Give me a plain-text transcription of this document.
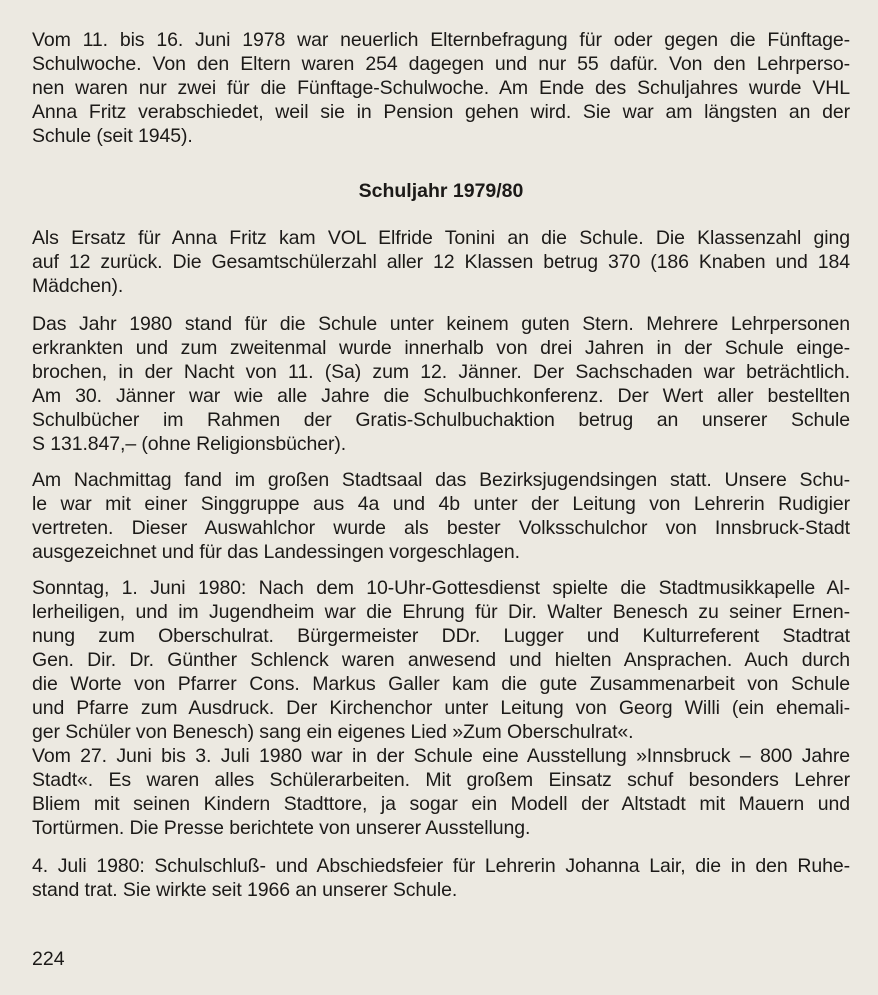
Vom 11. bis 16. Juni 1978 war neuerlich Elternbefragung für oder gegen die Fünftage-
Schulwoche. Von den Eltern waren 254 dagegen und nur 55 dafür. Von den Lehrperso-
nen waren nur zwei für die Fünftage-Schulwoche. Am Ende des Schuljahres wurde VHL
Anna Fritz verabschiedet, weil sie in Pension gehen wird. Sie war am längsten an der
Schule (seit 1945).
Schuljahr 1979/80
Als Ersatz für Anna Fritz kam VOL Elfride Tonini an die Schule. Die Klassenzahl ging
auf 12 zurück. Die Gesamtschülerzahl aller 12 Klassen betrug 370 (186 Knaben und 184
Mädchen).
Das Jahr 1980 stand für die Schule unter keinem guten Stern. Mehrere Lehrpersonen
erkrankten und zum zweitenmal wurde innerhalb von drei Jahren in der Schule einge-
brochen, in der Nacht von 11. (Sa) zum 12. Jänner. Der Sachschaden war beträchtlich.
Am 30. Jänner war wie alle Jahre die Schulbuchkonferenz. Der Wert aller bestellten
Schulbücher im Rahmen der Gratis-Schulbuchaktion betrug an unserer Schule
S 131.847,– (ohne Religionsbücher).
Am Nachmittag fand im großen Stadtsaal das Bezirksjugendsingen statt. Unsere Schu-
le war mit einer Singgruppe aus 4a und 4b unter der Leitung von Lehrerin Rudigier
vertreten. Dieser Auswahlchor wurde als bester Volksschulchor von Innsbruck-Stadt
ausgezeichnet und für das Landessingen vorgeschlagen.
Sonntag, 1. Juni 1980: Nach dem 10-Uhr-Gottesdienst spielte die Stadtmusikkapelle Al-
lerheiligen, und im Jugendheim war die Ehrung für Dir. Walter Benesch zu seiner Ernen-
nung zum Oberschulrat. Bürgermeister DDr. Lugger und Kulturreferent Stadtrat
Gen. Dir. Dr. Günther Schlenck waren anwesend und hielten Ansprachen. Auch durch
die Worte von Pfarrer Cons. Markus Galler kam die gute Zusammenarbeit von Schule
und Pfarre zum Ausdruck. Der Kirchenchor unter Leitung von Georg Willi (ein ehemali-
ger Schüler von Benesch) sang ein eigenes Lied »Zum Oberschulrat«.
Vom 27. Juni bis 3. Juli 1980 war in der Schule eine Ausstellung »Innsbruck – 800 Jahre
Stadt«. Es waren alles Schülerarbeiten. Mit großem Einsatz schuf besonders Lehrer
Bliem mit seinen Kindern Stadttore, ja sogar ein Modell der Altstadt mit Mauern und
Tortürmen. Die Presse berichtete von unserer Ausstellung.
4. Juli 1980: Schulschluß- und Abschiedsfeier für Lehrerin Johanna Lair, die in den Ruhe-
stand trat. Sie wirkte seit 1966 an unserer Schule.
224
